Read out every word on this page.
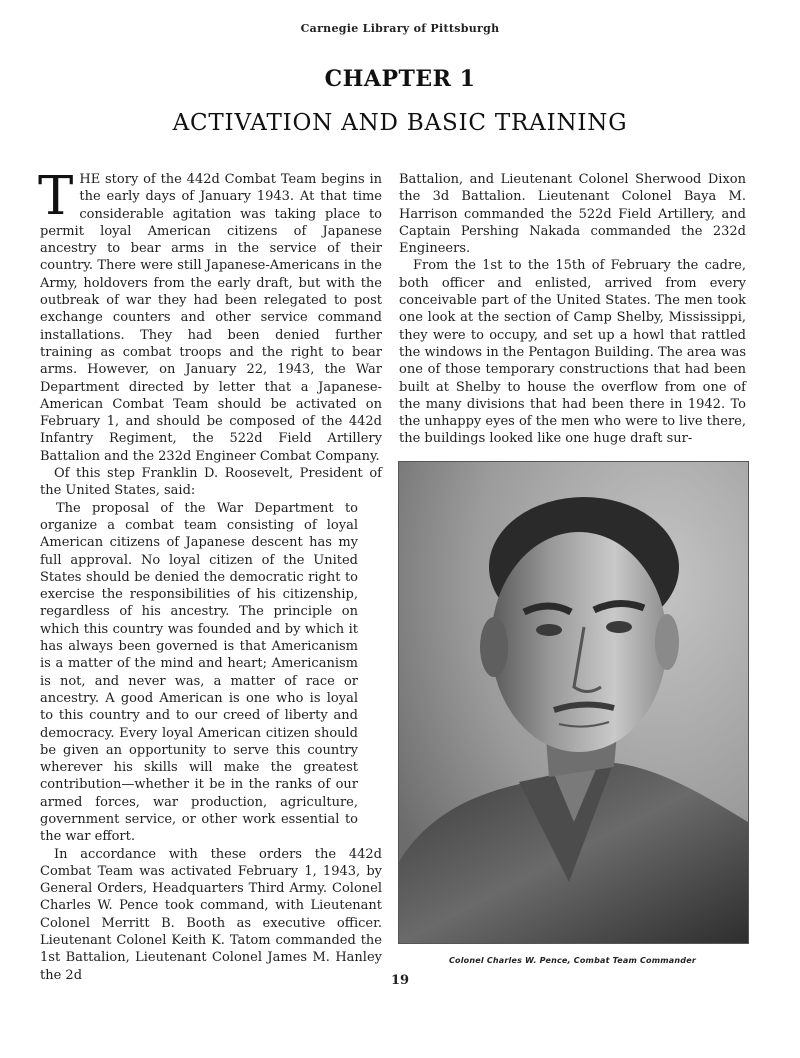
Carnegie Library of Pittsburgh
CHAPTER 1
ACTIVATION AND BASIC TRAINING

THE story of the 442d Combat Team begins in the early days of January 1943. At that time considerable agitation was taking place to permit loyal American citizens of Japanese ancestry to bear arms in the service of their country. There were still Japanese-Americans in the Army, holdovers from the early draft, but with the outbreak of war they had been relegated to post exchange counters and other service command installations. They had been denied further training as combat troops and the right to bear arms. However, on January 22, 1943, the War Department directed by letter that a Japanese-American Combat Team should be activated on February 1, and should be composed of the 442d Infantry Regiment, the 522d Field Artillery Battalion and the 232d Engineer Combat Company.

Of this step Franklin D. Roosevelt, President of the United States, said:

The proposal of the War Department to organize a combat team consisting of loyal American citizens of Japanese descent has my full approval. No loyal citizen of the United States should be denied the democratic right to exercise the responsibilities of his citizenship, regardless of his ancestry. The principle on which this country was founded and by which it has always been governed is that Americanism is a matter of the mind and heart; Americanism is not, and never was, a matter of race or ancestry. A good American is one who is loyal to this country and to our creed of liberty and democracy. Every loyal American citizen should be given an opportunity to serve this country wherever his skills will make the greatest contribution—whether it be in the ranks of our armed forces, war production, agriculture, government service, or other work essential to the war effort.

In accordance with these orders the 442d Combat Team was activated February 1, 1943, by General Orders, Headquarters Third Army. Colonel Charles W. Pence took command, with Lieutenant Colonel Merritt B. Booth as executive officer. Lieutenant Colonel Keith K. Tatom commanded the 1st Battalion, Lieutenant Colonel James M. Hanley the 2d

Battalion, and Lieutenant Colonel Sherwood Dixon the 3d Battalion. Lieutenant Colonel Baya M. Harrison commanded the 522d Field Artillery, and Captain Pershing Nakada commanded the 232d Engineers.

From the 1st to the 15th of February the cadre, both officer and enlisted, arrived from every conceivable part of the United States. The men took one look at the section of Camp Shelby, Mississippi, they were to occupy, and set up a howl that rattled the windows in the Pentagon Building. The area was one of those temporary constructions that had been built at Shelby to house the overflow from one of the many divisions that had been there in 1942. To the unhappy eyes of the men who were to live there, the buildings looked like one huge draft sur-

Colonel Charles W. Pence, Combat Team Commander
19
